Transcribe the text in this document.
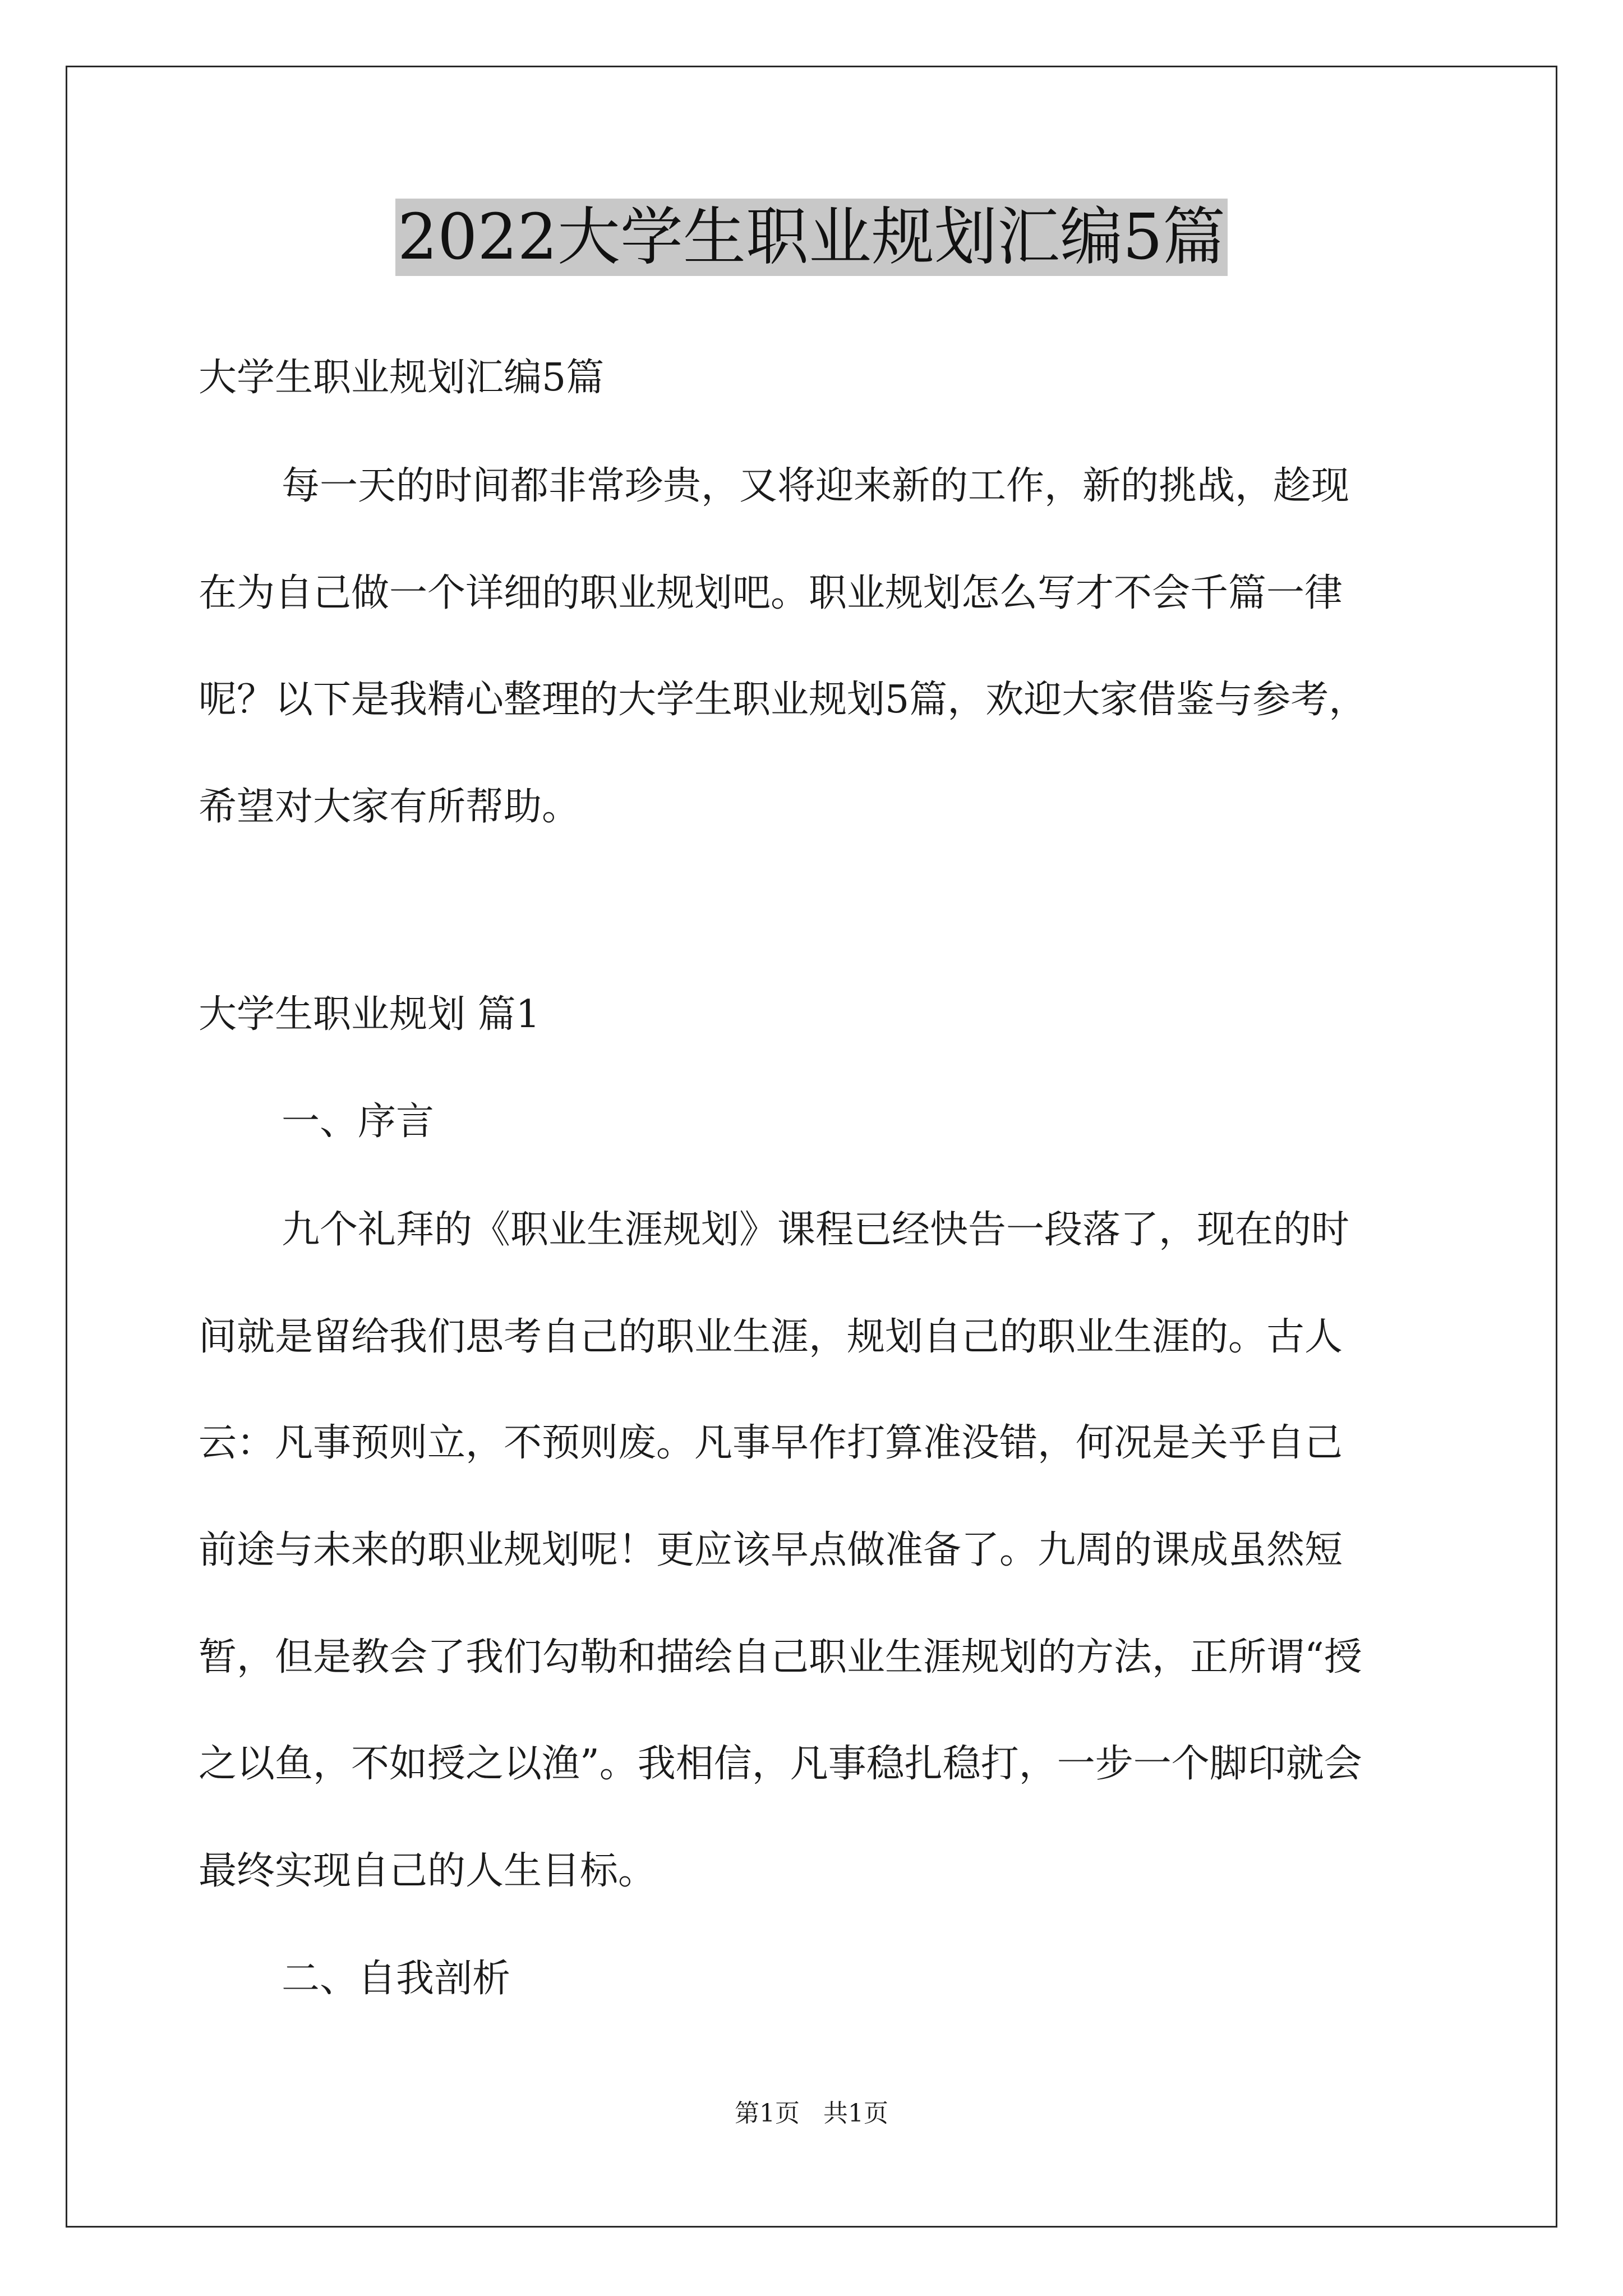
2022大学生职业规划汇编5篇
大学生职业规划汇编5篇
每一天的时间都非常珍贵，又将迎来新的工作，新的挑战，趁现
在为自己做一个详细的职业规划吧。职业规划怎么写才不会千篇一律
呢？以下是我精心整理的大学生职业规划5篇，欢迎大家借鉴与参考，
希望对大家有所帮助。
大学生职业规划 篇1
一、序言
九个礼拜的《职业生涯规划》课程已经快告一段落了，现在的时
间就是留给我们思考自己的职业生涯，规划自己的职业生涯的。古人
云：凡事预则立，不预则废。凡事早作打算准没错，何况是关乎自己
前途与未来的职业规划呢！更应该早点做准备了。九周的课成虽然短
暂，但是教会了我们勾勒和描绘自己职业生涯规划的方法，正所谓“授
之以鱼，不如授之以渔”。我相信，凡事稳扎稳打，一步一个脚印就会
最终实现自己的人生目标。
二、自我剖析
第1页   共1页
